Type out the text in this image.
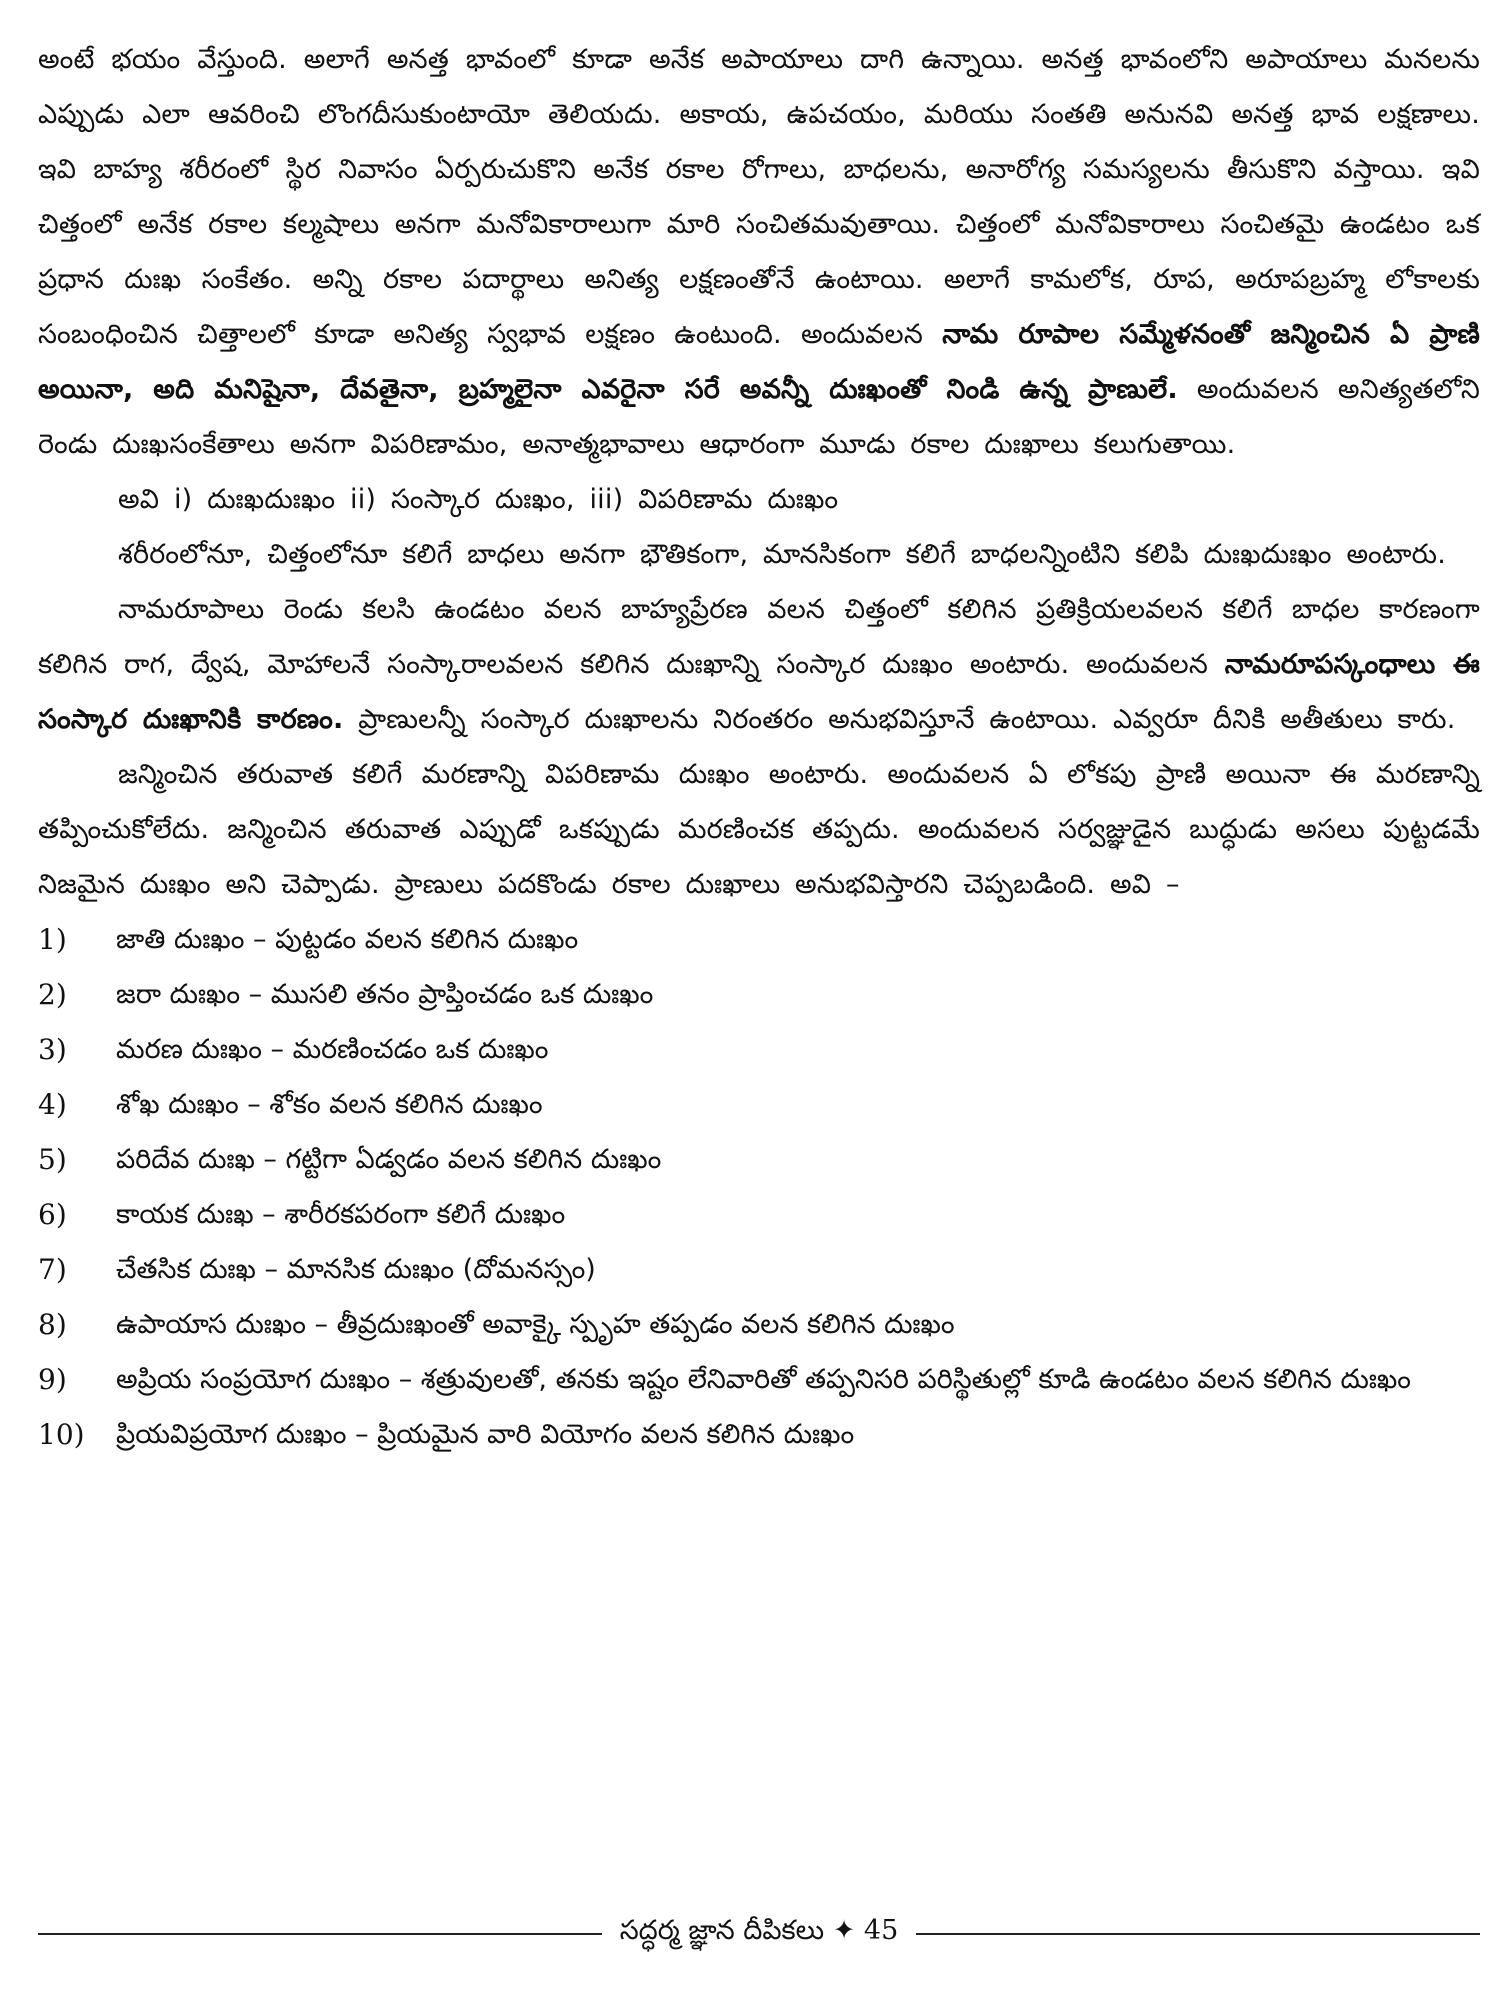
అంటే భయం వేస్తుంది. అలాగే అనత్త భావంలో కూడా అనేక అపాయాలు దాగి ఉన్నాయి. అనత్త భావంలోని అపాయాలు మనలను ఎప్పుడు ఎలా ఆవరించి లొంగదీసుకుంటాయో తెలియదు. అకాయ, ఉపచయం, మరియు సంతతి అనునవి అనత్త భావ లక్షణాలు. ఇవి బాహ్య శరీరంలో స్థిర నివాసం ఏర్పరుచుకొని అనేక రకాల రోగాలు, బాధలను, అనారోగ్య సమస్యలను తీసుకొని వస్తాయి. ఇవి చిత్తంలో అనేక రకాల కల్మషాలు అనగా మనోవికారాలుగా మారి సంచితమవుతాయి. చిత్తంలో మనోవికారాలు సంచితమై ఉండటం ఒక ప్రధాన దుఃఖ సంకేతం. అన్ని రకాల పదార్థాలు అనిత్య లక్షణంతోనే ఉంటాయి. అలాగే కామలోక, రూప, అరూపబ్రహ్మ లోకాలకు సంబంధించిన చిత్తాలలో కూడా అనిత్య స్వభావ లక్షణం ఉంటుంది. అందువలన నామ రూపాల సమ్మేళనంతో జన్మించిన ఏ ప్రాణి అయినా, అది మనిషైనా, దేవతైనా, బ్రహ్మలైనా ఎవరైనా సరే అవన్నీ దుఃఖంతో నిండి ఉన్న ప్రాణులే. అందువలన అనిత్యతలోని రెండు దుఃఖసంకేతాలు అనగా విపరిణామం, అనాత్మభావాలు ఆధారంగా మూడు రకాల దుఃఖాలు కలుగుతాయి.

అవి i) దుఃఖదుఃఖం ii) సంస్కార దుఃఖం, iii) విపరిణామ దుఃఖం

శరీరంలోనూ, చిత్తంలోనూ కలిగే బాధలు అనగా భౌతికంగా, మానసికంగా కలిగే బాధలన్నింటిని కలిపి దుఃఖదుఃఖం అంటారు.

నామరూపాలు రెండు కలసి ఉండటం వలన బాహ్యప్రేరణ వలన చిత్తంలో కలిగిన ప్రతిక్రియలవలన కలిగే బాధల కారణంగా కలిగిన రాగ, ద్వేష, మోహాలనే సంస్కారాలవలన కలిగిన దుఃఖాన్ని సంస్కార దుఃఖం అంటారు. అందువలన నామరూపస్కంధాలు ఈ సంస్కార దుఃఖానికి కారణం. ప్రాణులన్నీ సంస్కార దుఃఖాలను నిరంతరం అనుభవిస్తూనే ఉంటాయి. ఎవ్వరూ దీనికి అతీతులు కారు.

జన్మించిన తరువాత కలిగే మరణాన్ని విపరిణామ దుఃఖం అంటారు. అందువలన ఏ లోకపు ప్రాణి అయినా ఈ మరణాన్ని తప్పించుకోలేదు. జన్మించిన తరువాత ఎప్పుడో ఒకప్పుడు మరణించక తప్పదు. అందువలన సర్వజ్ఞుడైన బుద్ధుడు అసలు పుట్టడమే నిజమైన దుఃఖం అని చెప్పాడు. ప్రాణులు పదకొండు రకాల దుఃఖాలు అనుభవిస్తారని చెప్పబడింది. అవి –

1) జాతి దుఃఖం – పుట్టడం వలన కలిగిన దుఃఖం
2) జరా దుఃఖం – ముసలి తనం ప్రాప్తించడం ఒక దుఃఖం
3) మరణ దుఃఖం – మరణించడం ఒక దుఃఖం
4) శోఖ దుఃఖం – శోకం వలన కలిగిన దుఃఖం
5) పరిదేవ దుఃఖ – గట్టిగా ఏడ్వడం వలన కలిగిన దుఃఖం
6) కాయక దుఃఖ – శారీరకపరంగా కలిగే దుఃఖం
7) చేతసిక దుఃఖ – మానసిక దుఃఖం (దోమనస్సం)
8) ఉపాయాస దుఃఖం – తీవ్రదుఃఖంతో అవాక్కై స్పృహ తప్పడం వలన కలిగిన దుఃఖం
9) అప్రియ సంప్రయోగ దుఃఖం – శత్రువులతో, తనకు ఇష్టం లేనివారితో తప్పనిసరి పరిస్థితుల్లో కూడి ఉండటం వలన కలిగిన దుఃఖం
10) ప్రియవిప్రయోగ దుఃఖం – ప్రియమైన వారి వియోగం వలన కలిగిన దుఃఖం
సద్ధర్మ జ్ఞాన దీపికలు ✦ 45
